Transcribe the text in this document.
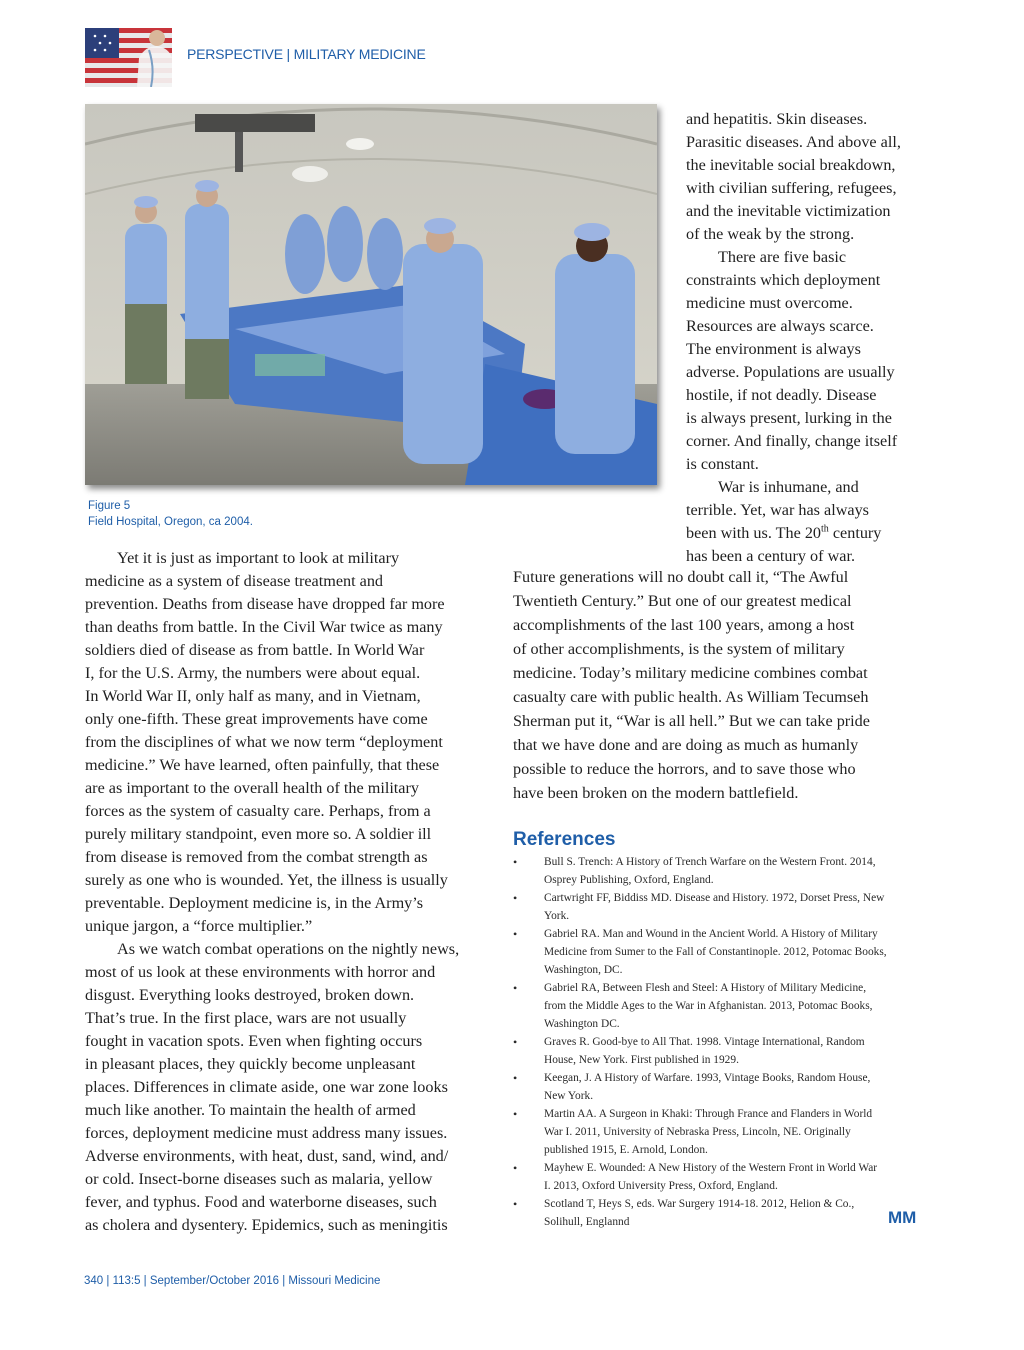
PERSPECTIVE | MILITARY MEDICINE
Figure 5
Field Hospital, Oregon, ca 2004.
and hepatitis. Skin diseases.
Parasitic diseases. And above all,
the inevitable social breakdown,
with civilian suffering, refugees,
and the inevitable victimization
of the weak by the strong.
There are five basic
constraints which deployment
medicine must overcome.
Resources are always scarce.
The environment is always
adverse. Populations are usually
hostile, if not deadly. Disease
is always present, lurking in the
corner. And finally, change itself
is constant.
War is inhumane, and
terrible. Yet, war has always
been with us. The 20th century
has been a century of war.
Future generations will no doubt call it, “The Awful
Twentieth Century.” But one of our greatest medical
accomplishments of the last 100 years, among a host
of other accomplishments, is the system of military
medicine. Today’s military medicine combines combat
casualty care with public health. As William Tecumseh
Sherman put it, “War is all hell.” But we can take pride
that we have done and are doing as much as humanly
possible to reduce the horrors, and to save those who
have been broken on the modern battlefield.
Yet it is just as important to look at military
medicine as a system of disease treatment and
prevention. Deaths from disease have dropped far more
than deaths from battle. In the Civil War twice as many
soldiers died of disease as from battle. In World War
I, for the U.S. Army, the numbers were about equal.
In World War II, only half as many, and in Vietnam,
only one-fifth. These great improvements have come
from the disciplines of what we now term “deployment
medicine.” We have learned, often painfully, that these
are as important to the overall health of the military
forces as the system of casualty care. Perhaps, from a
purely military standpoint, even more so. A soldier ill
from disease is removed from the combat strength as
surely as one who is wounded. Yet, the illness is usually
preventable. Deployment medicine is, in the Army’s
unique jargon, a “force multiplier.”
As we watch combat operations on the nightly news,
most of us look at these environments with horror and
disgust. Everything looks destroyed, broken down.
That’s true. In the first place, wars are not usually
fought in vacation spots. Even when fighting occurs
in pleasant places, they quickly become unpleasant
places. Differences in climate aside, one war zone looks
much like another. To maintain the health of armed
forces, deployment medicine must address many issues.
Adverse environments, with heat, dust, sand, wind, and/
or cold. Insect-borne diseases such as malaria, yellow
fever, and typhus. Food and waterborne diseases, such
as cholera and dysentery. Epidemics, such as meningitis
References
• Bull S. Trench: A History of Trench Warfare on the Western Front. 2014,
Osprey Publishing, Oxford, England.
• Cartwright FF, Biddiss MD. Disease and History. 1972, Dorset Press, New
York.
• Gabriel RA. Man and Wound in the Ancient World. A History of Military
Medicine from Sumer to the Fall of Constantinople. 2012, Potomac Books,
Washington, DC.
• Gabriel RA, Between Flesh and Steel: A History of Military Medicine,
from the Middle Ages to the War in Afghanistan. 2013, Potomac Books,
Washington DC.
• Graves R. Good-bye to All That. 1998. Vintage International, Random
House, New York. First published in 1929.
• Keegan, J. A History of Warfare. 1993, Vintage Books, Random House,
New York.
• Martin AA. A Surgeon in Khaki: Through France and Flanders in World
War I. 2011, University of Nebraska Press, Lincoln, NE. Originally
published 1915, E. Arnold, London.
• Mayhew E. Wounded: A New History of the Western Front in World War
I. 2013, Oxford University Press, Oxford, England.
• Scotland T, Heys S, eds. War Surgery 1914-18. 2012, Helion & Co.,
Solihull, Englannd	MM
340 | 113:5 | September/October 2016 | Missouri Medicine
